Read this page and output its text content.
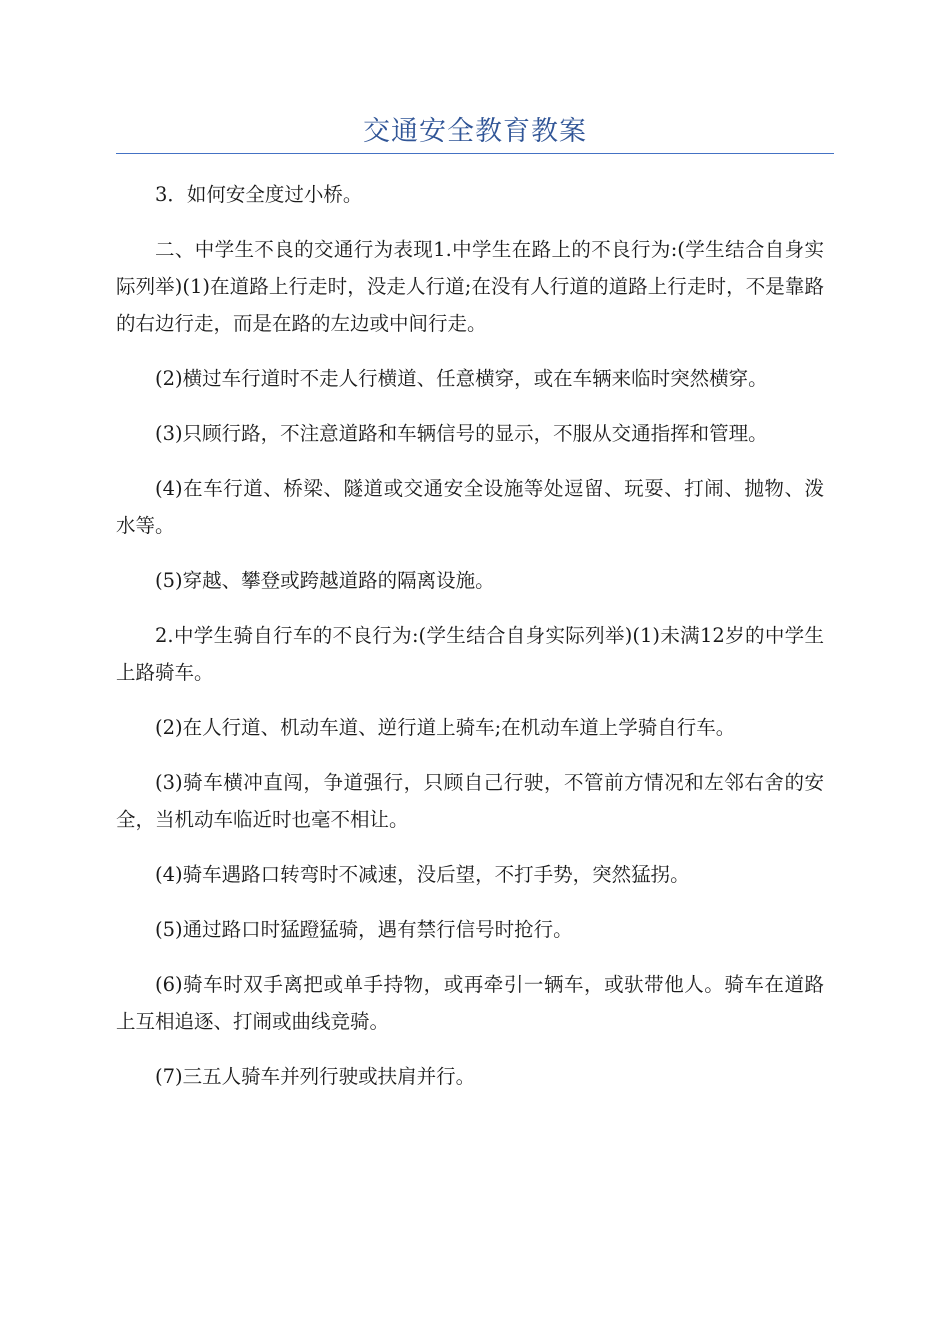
交通安全教育教案

3．如何安全度过小桥。

二、中学生不良的交通行为表现1.中学生在路上的不良行为:(学生结合自身实际列举)(1)在道路上行走时，没走人行道;在没有人行道的道路上行走时，不是靠路的右边行走，而是在路的左边或中间行走。

(2)横过车行道时不走人行横道、任意横穿，或在车辆来临时突然横穿。

(3)只顾行路，不注意道路和车辆信号的显示，不服从交通指挥和管理。

(4)在车行道、桥梁、隧道或交通安全设施等处逗留、玩耍、打闹、抛物、泼水等。

(5)穿越、攀登或跨越道路的隔离设施。

2.中学生骑自行车的不良行为:(学生结合自身实际列举)(1)未满12岁的中学生上路骑车。

(2)在人行道、机动车道、逆行道上骑车;在机动车道上学骑自行车。

(3)骑车横冲直闯，争道强行，只顾自己行驶，不管前方情况和左邻右舍的安全，当机动车临近时也毫不相让。

(4)骑车遇路口转弯时不减速，没后望，不打手势，突然猛拐。

(5)通过路口时猛蹬猛骑，遇有禁行信号时抢行。

(6)骑车时双手离把或单手持物，或再牵引一辆车，或驮带他人。骑车在道路上互相追逐、打闹或曲线竞骑。

(7)三五人骑车并列行驶或扶肩并行。
